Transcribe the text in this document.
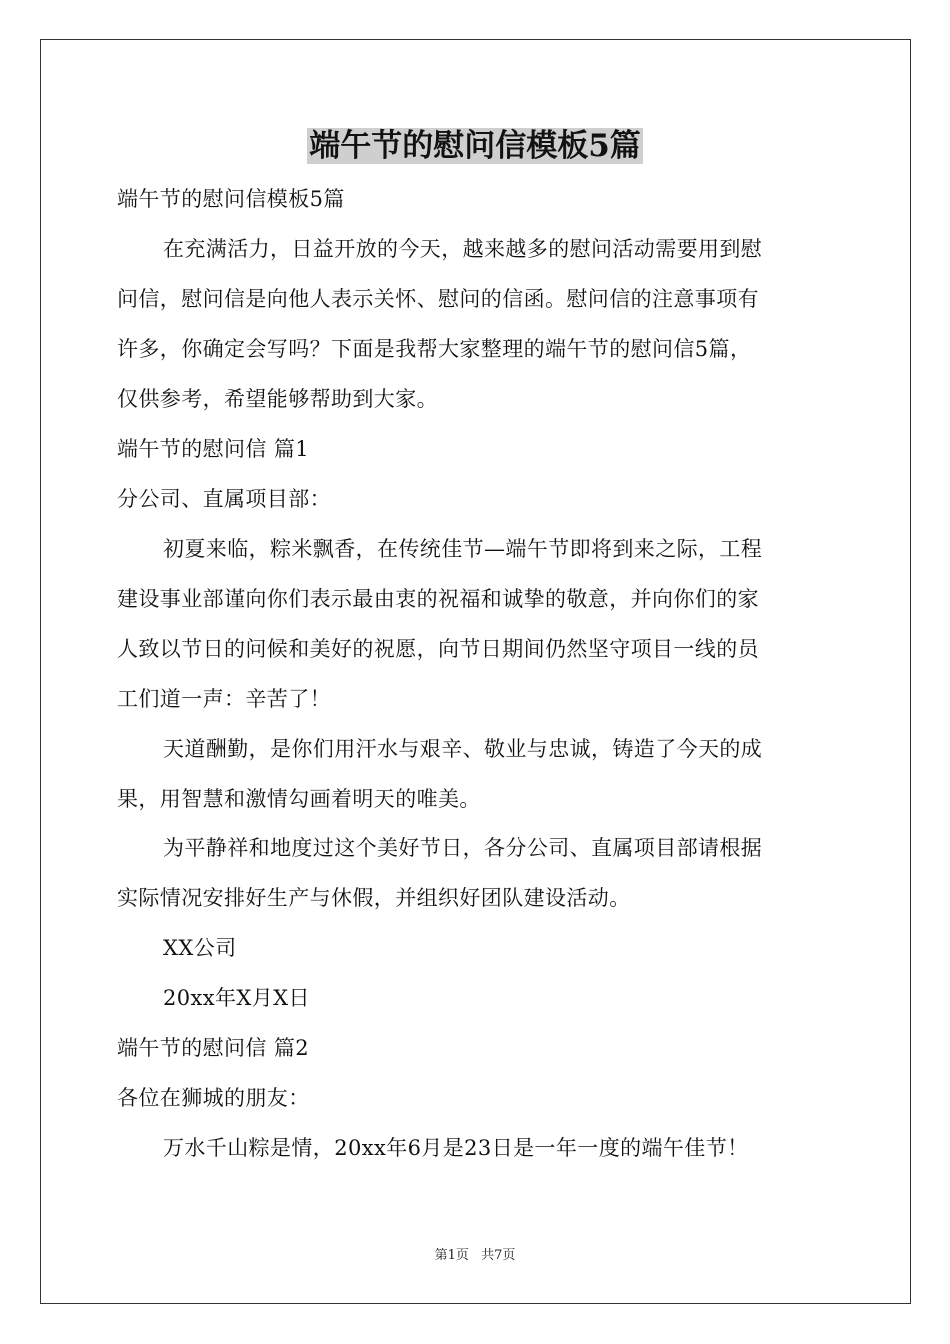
端午节的慰问信模板5篇
端午节的慰问信模板5篇
在充满活力，日益开放的今天，越来越多的慰问活动需要用到慰
问信，慰问信是向他人表示关怀、慰问的信函。慰问信的注意事项有
许多，你确定会写吗？下面是我帮大家整理的端午节的慰问信5篇，
仅供参考，希望能够帮助到大家。
端午节的慰问信 篇1
分公司、直属项目部：
初夏来临，粽米飘香，在传统佳节—端午节即将到来之际，工程
建设事业部谨向你们表示最由衷的祝福和诚挚的敬意，并向你们的家
人致以节日的问候和美好的祝愿，向节日期间仍然坚守项目一线的员
工们道一声：辛苦了！
天道酬勤，是你们用汗水与艰辛、敬业与忠诚，铸造了今天的成
果，用智慧和激情勾画着明天的唯美。
为平静祥和地度过这个美好节日，各分公司、直属项目部请根据
实际情况安排好生产与休假，并组织好团队建设活动。
XX公司
20xx年X月X日
端午节的慰问信 篇2
各位在狮城的朋友：
万水千山粽是情，20xx年6月是23日是一年一度的端午佳节！
第1页 共7页
